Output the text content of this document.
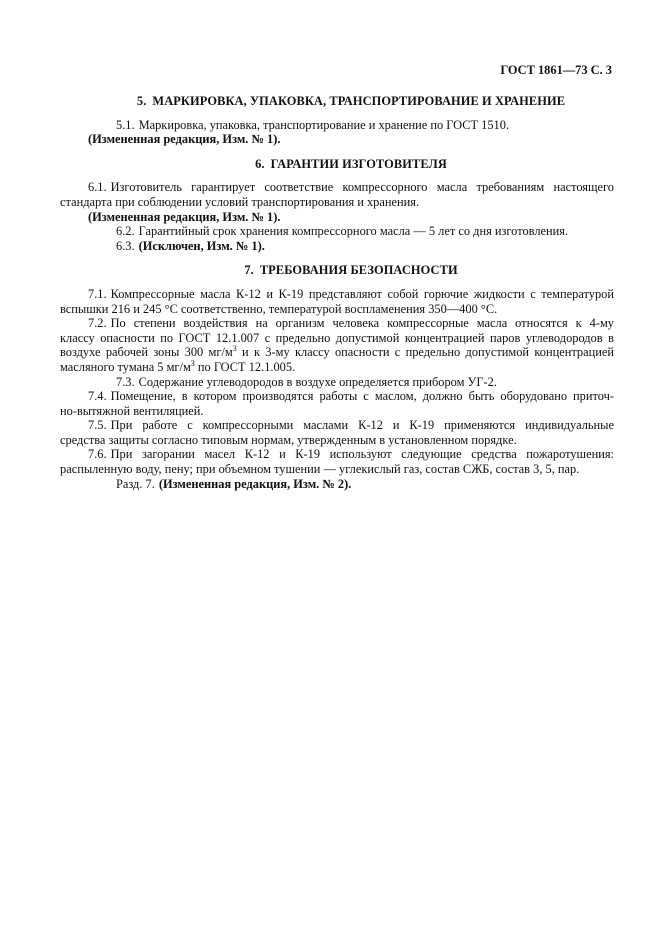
ГОСТ 1861—73 С. 3
5. МАРКИРОВКА, УПАКОВКА, ТРАНСПОРТИРОВАНИЕ И ХРАНЕНИЕ

5.1. Маркировка, упаковка, транспортирование и хранение по ГОСТ 1510.

(Измененная редакция, Изм. № 1).

6. ГАРАНТИИ ИЗГОТОВИТЕЛЯ

6.1. Изготовитель гарантирует соответствие компрессорного масла требованиям настоящего
стандарта при соблюдении условий транспортирования и хранения.

(Измененная редакция, Изм. № 1).

6.2. Гарантийный срок хранения компрессорного масла — 5 лет со дня изготовления.

6.3. (Исключен, Изм. № 1).

7. ТРЕБОВАНИЯ БЕЗОПАСНОСТИ

7.1. Компрессорные масла К-12 и К-19 представляют собой горючие жидкости с температурой
вспышки 216 и 245 °С соответственно, температурой воспламенения 350—400 °С.

7.2. По степени воздействия на организм человека компрессорные масла относятся к 4-му
классу опасности по ГОСТ 12.1.007 с предельно допустимой концентрацией паров углеводородов в
воздухе рабочей зоны 300 $мг/м^3$ и к 3-му классу опасности с предельно допустимой концентрацией
масляного тумана 5 $мг/м^3$ по ГОСТ 12.1.005.

7.3. Содержание углеводородов в воздухе определяется прибором УГ-2.

7.4. Помещение, в котором производятся работы с маслом, должно быть оборудовано приточ-
но-вытяжной вентиляцией.

7.5. При работе с компрессорными маслами К-12 и К-19 применяются индивидуальные
средства защиты согласно типовым нормам, утвержденным в установленном порядке.

7.6. При загорании масел К-12 и К-19 используют следующие средства пожаротушения:
распыленную воду, пену; при объемном тушении — углекислый газ, состав СЖБ, состав 3, 5, пар.

Разд. 7. (Измененная редакция, Изм. № 2).
